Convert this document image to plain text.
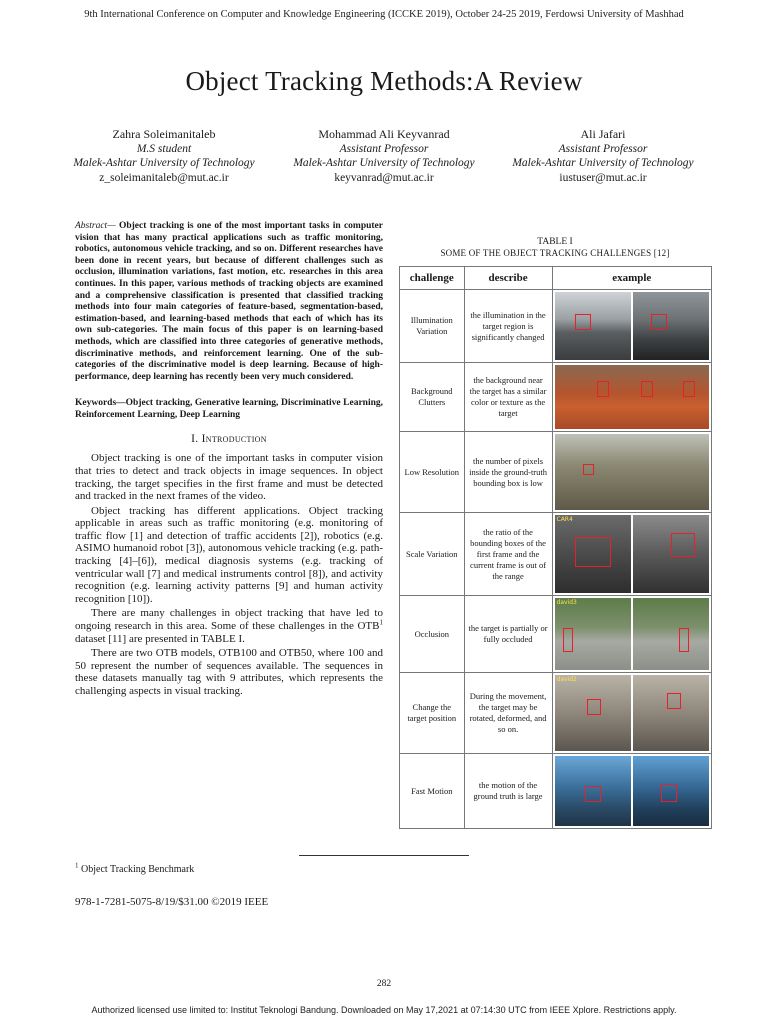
9th International Conference on Computer and Knowledge Engineering (ICCKE 2019), October 24-25 2019, Ferdowsi University of Mashhad
Object Tracking Methods:A Review
Zahra Soleimanitaleb
M.S student
Malek-Ashtar University of Technology
z_soleimanitaleb@mut.ac.ir
Mohammad Ali Keyvanrad
Assistant Professor
Malek-Ashtar University of Technology
keyvanrad@mut.ac.ir
Ali Jafari
Assistant Professor
Malek-Ashtar University of Technology
iustuser@mut.ac.ir
Abstract— Object tracking is one of the most important tasks in computer vision that has many practical applications such as traffic monitoring, robotics, autonomous vehicle tracking, and so on. Different researches have been done in recent years, but because of different challenges such as occlusion, illumination variations, fast motion, etc. researches in this area continues. In this paper, various methods of tracking objects are examined and a comprehensive classification is presented that classified tracking methods into four main categories of feature-based, segmentation-based, estimation-based, and learning-based methods that each of which has its own sub-categories. The main focus of this paper is on learning-based methods, which are classified into three categories of generative methods, discriminative methods, and reinforcement learning. One of the sub-categories of the discriminative model is deep learning. Because of high-performance, deep learning has recently been very much considered.
Keywords—Object tracking, Generative learning, Discriminative Learning, Reinforcement Learning, Deep Learning
I. Introduction

Object tracking is one of the important tasks in computer vision that tries to detect and track objects in image sequences. In object tracking, the target specifies in the first frame and must be detected and tracked in the next frames of the video.

Object tracking has different applications. Object tracking applicable in areas such as traffic monitoring (e.g. monitoring of traffic flow [1] and detection of traffic accidents [2]), robotics (e.g. ASIMO humanoid robot [3]), autonomous vehicle tracking (e.g. path-tracking [4]–[6]), medical diagnosis systems (e.g. tracking of ventricular wall [7] and medical instruments control [8]), and activity recognition (e.g. learning activity patterns [9] and human activity recognition [10]).

There are many challenges in object tracking that have led to ongoing research in this area. Some of these challenges in the OTB$^1$ dataset [11] are presented in TABLE I.

There are two OTB models, OTB100 and OTB50, where 100 and 50 represent the number of sequences available. The sequences in these datasets manually tag with 9 attributes, which represents the challenging aspects in visual tracking.

TABLE I
SOME OF THE OBJECT TRACKING CHALLENGES [12]
challenge	describe	example
Illumination Variation	the illumination in the target region is significantly changed	

Background Clutters	the background near the target has a similar color or texture as the target	

Low Resolution	the number of pixels inside the ground-truth bounding box is low	

Scale Variation	the ratio of the bounding boxes of the first frame and the current frame is out of the range	CAR4

Occlusion	the target is partially or fully occluded	david3

Change the target position	During the movement, the target may be rotated, deformed, and so on.	david2

Fast Motion	the motion of the ground truth is large	
$^1$ Object Tracking Benchmark
978-1-7281-5075-8/19/$31.00 ©2019 IEEE
282
Authorized licensed use limited to: Institut Teknologi Bandung. Downloaded on May 17,2021 at 07:14:30 UTC from IEEE Xplore. Restrictions apply.
